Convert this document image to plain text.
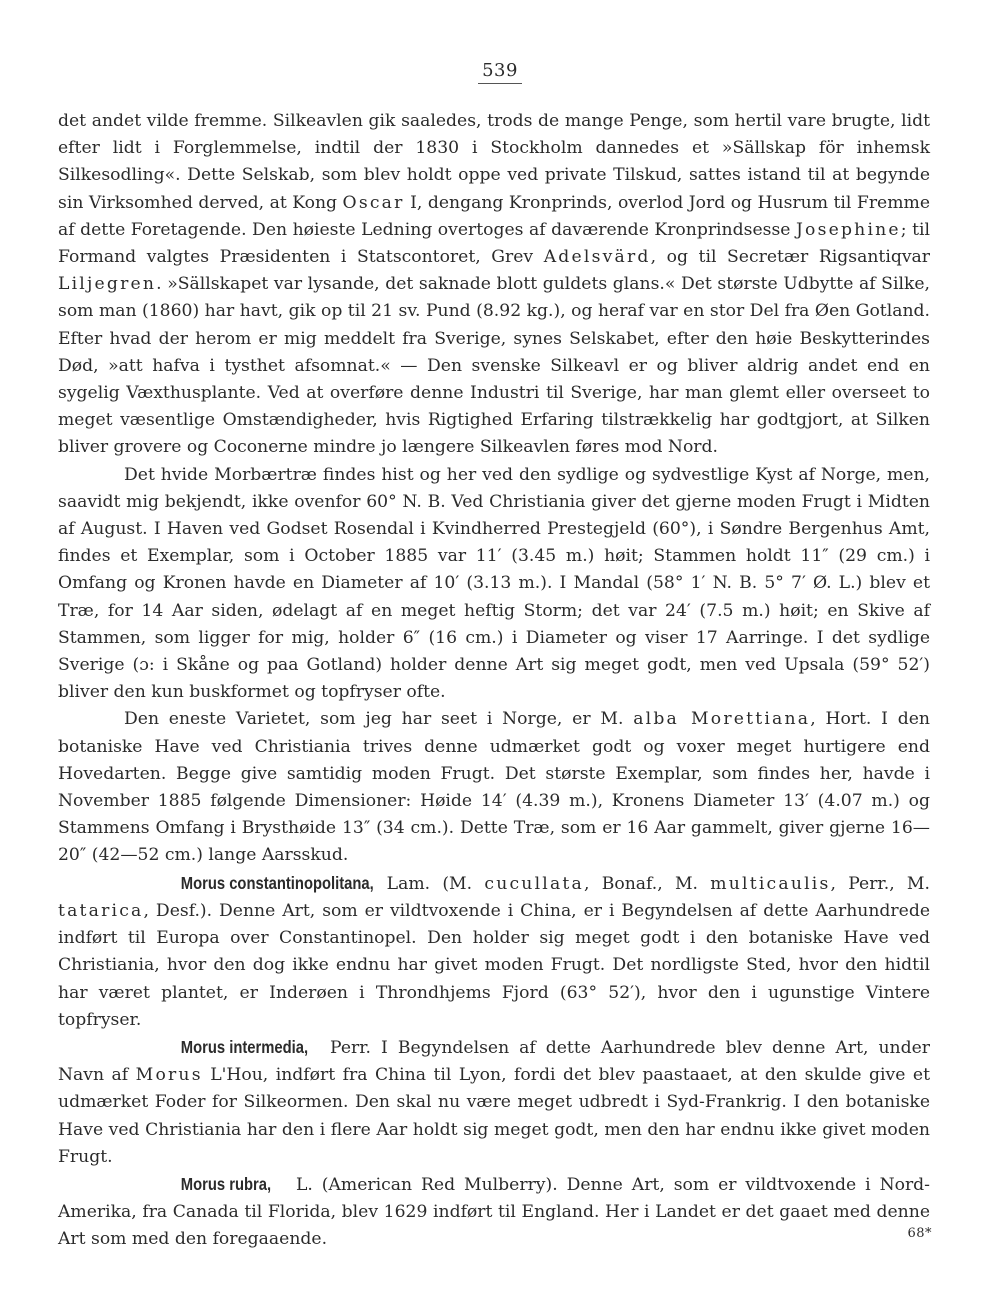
539

det andet vilde fremme. Silkeavlen gik saaledes, trods de mange Penge, som hertil vare brugte, lidt efter lidt i Forglemmelse, indtil der 1830 i Stockholm dannedes et »Sällskap för inhemsk Silkesodling«. Dette Selskab, som blev holdt oppe ved private Tilskud, sattes istand til at begynde sin Virksomhed derved, at Kong Oscar I, dengang Kronprinds, overlod Jord og Husrum til Fremme af dette Foretagende. Den høieste Ledning overtoges af daværende Kronprindsesse Josephine; til Formand valgtes Præsidenten i Statscontoret, Grev Adelsvärd, og til Secretær Rigsantiqvar Liljegren. »Sällskapet var lysande, det saknade blott guldets glans.« Det største Udbytte af Silke, som man (1860) har havt, gik op til 21 sv. Pund (8.92 kg.), og heraf var en stor Del fra Øen Gotland. Efter hvad der herom er mig meddelt fra Sverige, synes Selskabet, efter den høie Beskytterindes Død, »att hafva i tysthet afsomnat.« — Den svenske Silkeavl er og bliver aldrig andet end en sygelig Væxthusplante. Ved at overføre denne Industri til Sverige, har man glemt eller overseet to meget væsentlige Omstændigheder, hvis Rigtighed Erfaring tilstrækkelig har godtgjort, at Silken bliver grovere og Coconerne mindre jo længere Silkeavlen føres mod Nord.

Det hvide Morbærtræ findes hist og her ved den sydlige og sydvestlige Kyst af Norge, men, saavidt mig bekjendt, ikke ovenfor 60° N. B. Ved Christiania giver det gjerne moden Frugt i Midten af August. I Haven ved Godset Rosendal i Kvindherred Prestegjeld (60°), i Søndre Bergenhus Amt, findes et Exemplar, som i October 1885 var 11′ (3.45 m.) høit; Stammen holdt 11″ (29 cm.) i Omfang og Kronen havde en Diameter af 10′ (3.13 m.). I Mandal (58° 1′ N. B. 5° 7′ Ø. L.) blev et Træ, for 14 Aar siden, ødelagt af en meget heftig Storm; det var 24′ (7.5 m.) høit; en Skive af Stammen, som ligger for mig, holder 6″ (16 cm.) i Diameter og viser 17 Aarringe. I det sydlige Sverige (ɔ: i Skåne og paa Gotland) holder denne Art sig meget godt, men ved Upsala (59° 52′) bliver den kun buskformet og topfryser ofte.

Den eneste Varietet, som jeg har seet i Norge, er M. alba Morettiana, Hort. I den botaniske Have ved Christiania trives denne udmærket godt og voxer meget hurtigere end Hovedarten. Begge give samtidig moden Frugt. Det største Exemplar, som findes her, havde i November 1885 følgende Dimensioner: Høide 14′ (4.39 m.), Kronens Diameter 13′ (4.07 m.) og Stammens Omfang i Brysthøide 13″ (34 cm.). Dette Træ, som er 16 Aar gammelt, giver gjerne 16—20″ (42—52 cm.) lange Aarsskud.

Morus constantinopolitana, Lam. (M. cucullata, Bonaf., M. multicaulis, Perr., M. tatarica, Desf.). Denne Art, som er vildtvoxende i China, er i Begyndelsen af dette Aarhundrede indført til Europa over Constantinopel. Den holder sig meget godt i den botaniske Have ved Christiania, hvor den dog ikke endnu har givet moden Frugt. Det nordligste Sted, hvor den hidtil har været plantet, er Inderøen i Throndhjems Fjord (63° 52′), hvor den i ugunstige Vintere topfryser.

Morus intermedia, Perr. I Begyndelsen af dette Aarhundrede blev denne Art, under Navn af Morus L'Hou, indført fra China til Lyon, fordi det blev paastaaet, at den skulde give et udmærket Foder for Silkeormen. Den skal nu være meget udbredt i Syd-Frankrig. I den botaniske Have ved Christiania har den i flere Aar holdt sig meget godt, men den har endnu ikke givet moden Frugt.

Morus rubra, L. (American Red Mulberry). Denne Art, som er vildtvoxende i Nord-Amerika, fra Canada til Florida, blev 1629 indført til England. Her i Landet er det gaaet med denne Art som med den foregaaende.	68*
